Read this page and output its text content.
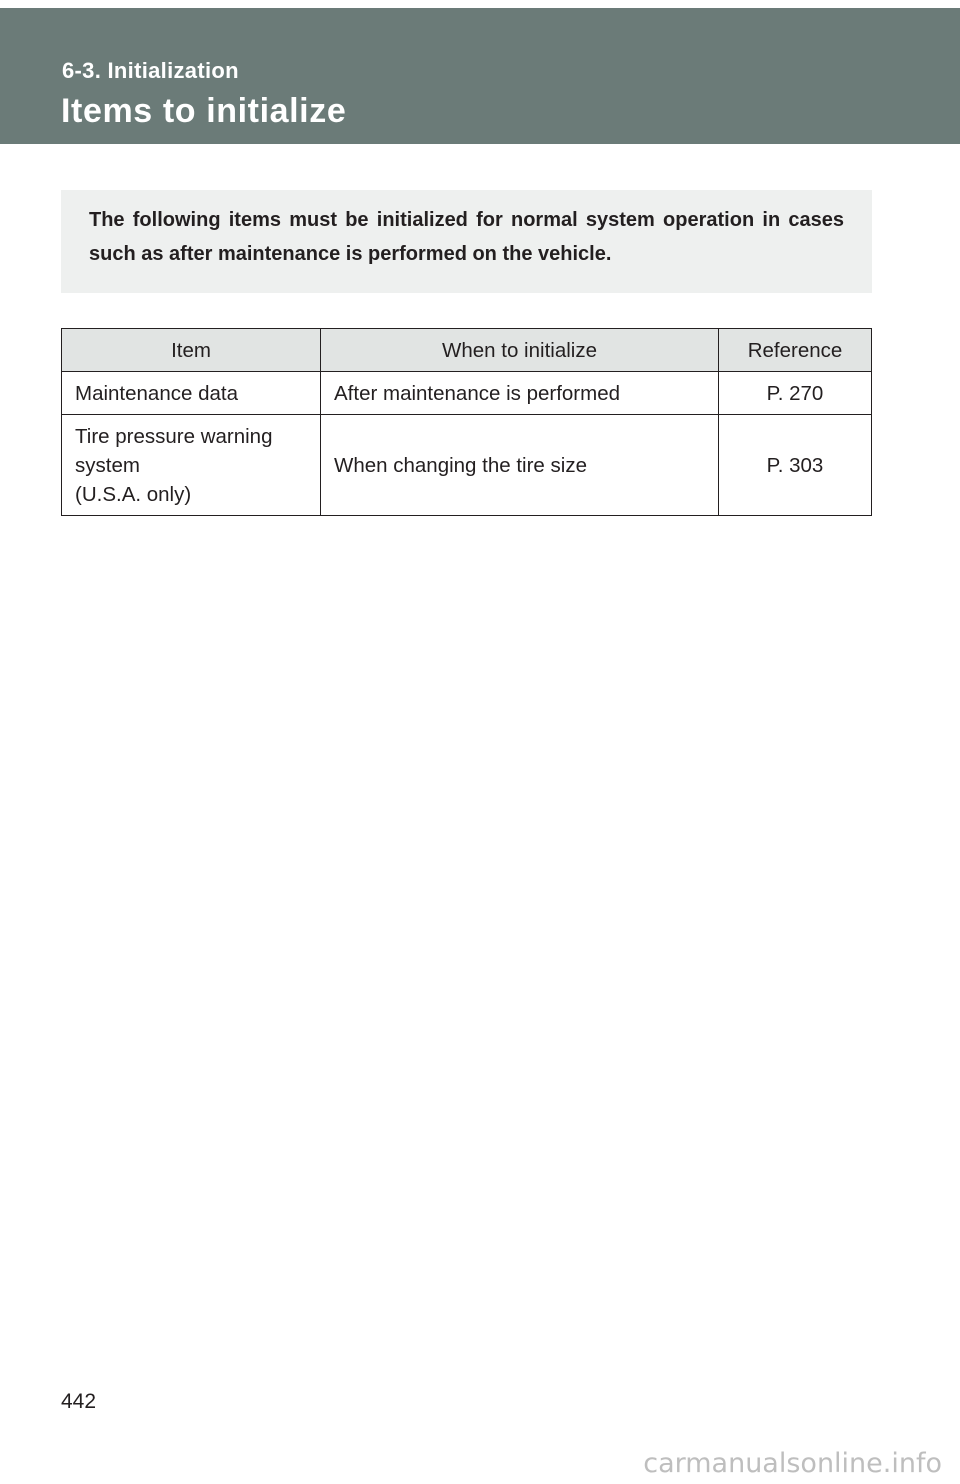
6-3. Initialization
Items to initialize
The following items must be initialized for normal system operation in cases such as after maintenance is performed on the vehicle.
Item	When to initialize	Reference

Maintenance data	After maintenance is performed	P. 270

Tire pressure warning
system
(U.S.A. only)	When changing the tire size	P. 303
442
carmanualsonline.info
